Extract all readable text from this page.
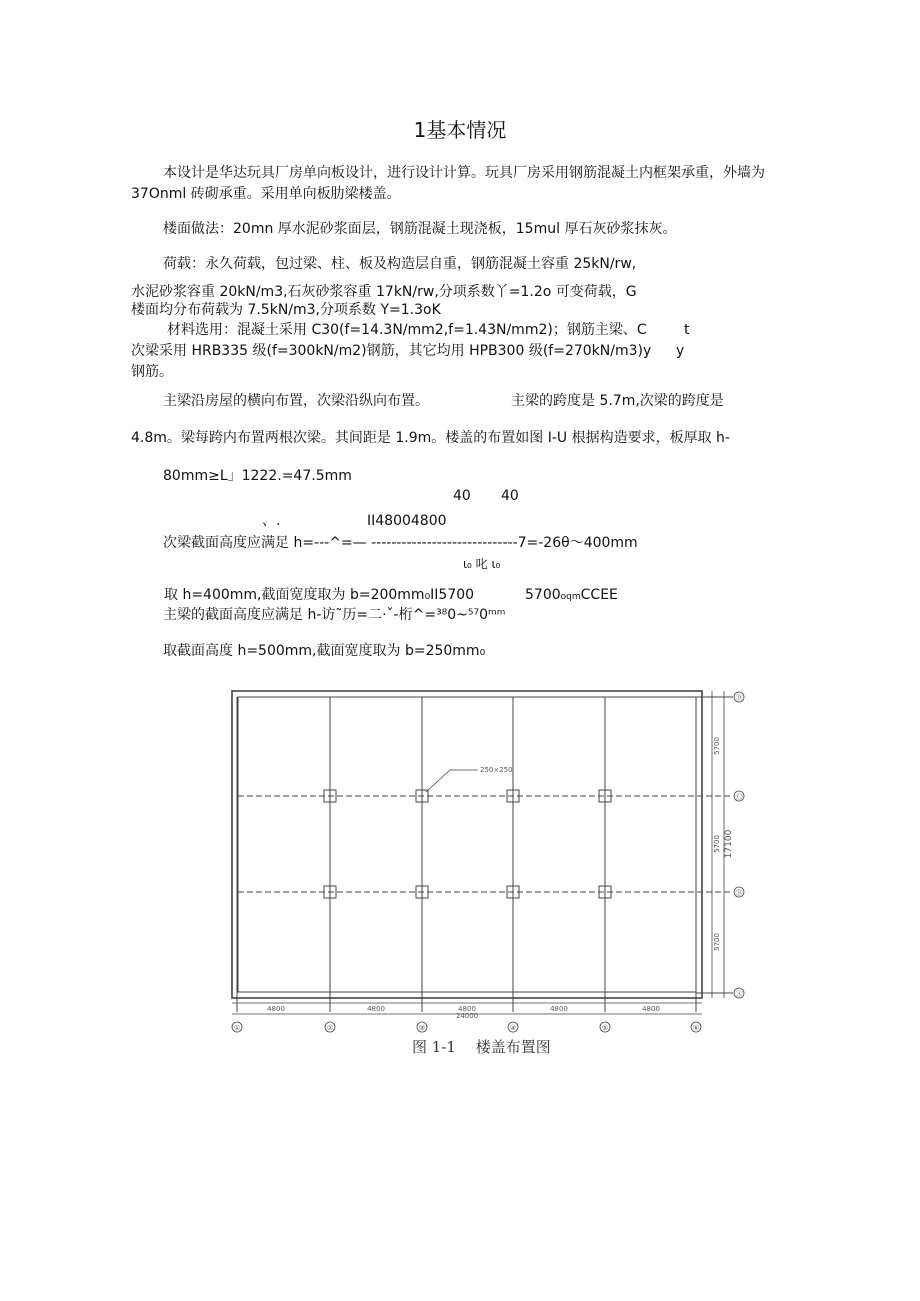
1基本情况
本设计是华达玩具厂房单向板设计，进行设计计算。玩具厂房采用钢筋混凝土内框架承重，外墙为
37Onml 砖砌承重。采用单向板肋梁楼盖。
楼面做法：20mn 厚水泥砂浆面层，钢筋混凝土现浇板，15mul 厚石灰砂浆抹灰。
荷载：永久荷载，包过梁、柱、板及构造层自重，钢筋混凝土容重 25kN∕rw,
水泥砂浆容重 20kN∕m3,石灰砂浆容重 17kN∕rw,分项系数丫=1.2o 可变荷载，G
楼面均分布荷载为 7.5kN∕m3,分项系数 Y=1.3oK
材料选用：混凝土采用 C30(f=14.3N∕mm2,f=1.43N∕mm2)；钢筋主梁、C	t
次梁采用 HRB335 级(f=300kN/m2)钢筋，其它均用 HPB300 级(f=270kN/m3)y y
钢筋。
主梁沿房屋的横向布置，次梁沿纵向布置。	主梁的跨度是 5.7m,次梁的跨度是
4.8m。梁每跨内布置两根次梁。其间距是 1.9m。楼盖的布置如图 I-U 根据构造要求，板厚取 h-
80mm≥L」1222.=47.5mm
40 40
、.	II48004800
次梁截面高度应满足 h=---^=— -----------------------------7=-26θ～400mm
ι₀ 叱 ι₀
取 h=400mm,截面宽度取为 b=200mm₀II5700	5700oqmCCEE
主梁的截面高度应满足 h-访˜历=二·ˇ-桁^=³⁸0~⁵⁷0ᵐᵐ
取截面高度 h=500mm,截面宽度取为 b=250mm₀
250×250
4800	4800	4800	4800	4800
24000
5700
5700
5700
17100
①	②	③	④	⑤	⑥
Ⓓ
Ⓒ
Ⓑ
Ⓐ
图 1-1　 楼盖布置图
